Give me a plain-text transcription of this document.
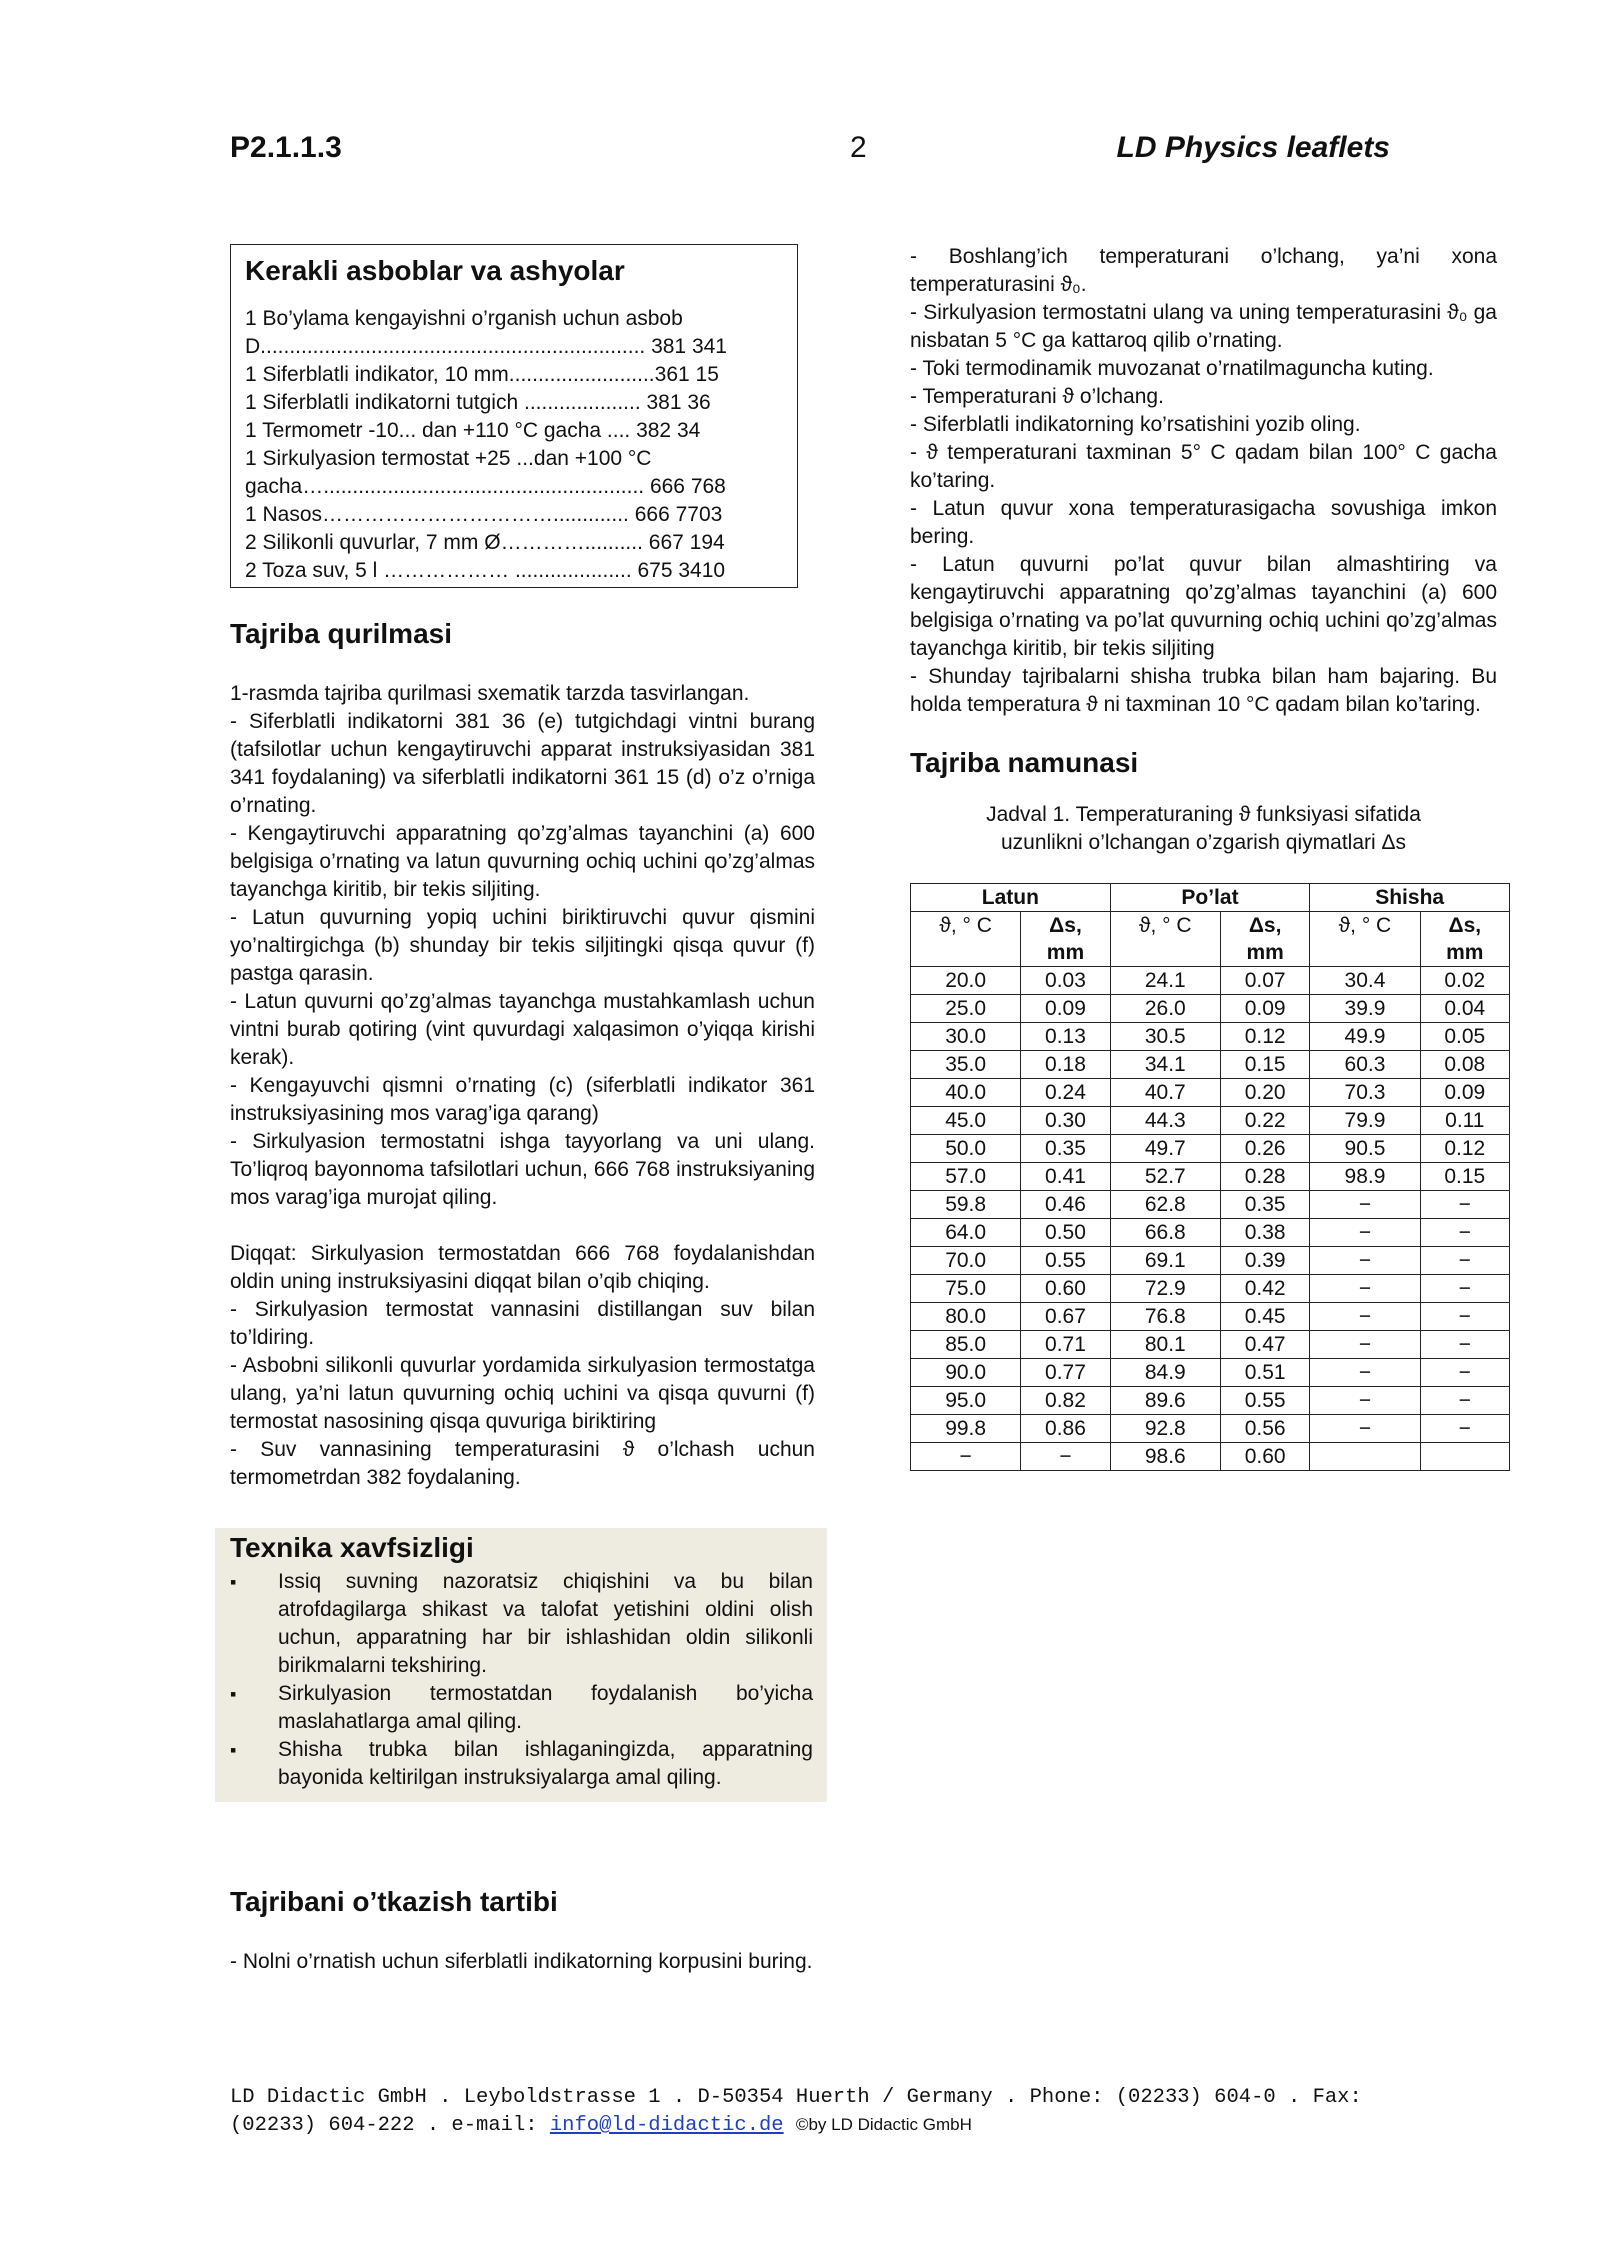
P2.1.1.3	2	LD Physics leaflets
Kerakli asboblar va ashyolar
1 Bo’ylama kengayishni o’rganish uchun asbob
D.................................................................. 381 341
1 Siferblatli indikator, 10 mm.........................361 15
1 Siferblatli indikatorni tutgich .................... 381 36
1 Termometr -10... dan +110 °C gacha .... 382 34
1 Sirkulyasion termostat +25 ...dan +100 °C
gacha…....................................................... 666 768
1 Nasos……………………………............. 666 7703
2 Silikonli quvurlar, 7 mm Ø………….......... 667 194
2 Toza suv, 5 l ……………… .................... 675 3410
Tajriba qurilmasi

1-rasmda tajriba qurilmasi sxematik tarzda tasvirlangan.

- Siferblatli indikatorni 381 36 (e) tutgichdagi vintni burang (tafsilotlar uchun kengaytiruvchi apparat instruksiyasidan 381 341 foydalaning) va siferblatli indikatorni 361 15 (d) o’z o’rniga o’rnating.

- Kengaytiruvchi apparatning qo’zg’almas tayanchini (a) 600 belgisiga o’rnating va latun quvurning ochiq uchini qo’zg’almas tayanchga kiritib, bir tekis siljiting.

- Latun quvurning yopiq uchini biriktiruvchi quvur qismini yo’naltirgichga (b) shunday bir tekis siljitingki qisqa quvur (f) pastga qarasin.

- Latun quvurni qo’zg’almas tayanchga mustahkamlash uchun vintni burab qotiring (vint quvurdagi xalqasimon o’yiqqa kirishi kerak).

- Kengayuvchi qismni o’rnating (c) (siferblatli indikator 361 instruksiyasining mos varag’iga qarang)

- Sirkulyasion termostatni ishga tayyorlang va uni ulang. To’liqroq bayonnoma tafsilotlari uchun, 666 768 instruksiyaning mos varag’iga murojat qiling.

Diqqat: Sirkulyasion termostatdan 666 768 foydalanishdan oldin uning instruksiyasini diqqat bilan o’qib chiqing.

- Sirkulyasion termostat vannasini distillangan suv bilan to’ldiring.

- Asbobni silikonli quvurlar yordamida sirkulyasion termostatga ulang, ya’ni latun quvurning ochiq uchini va qisqa quvurni (f) termostat nasosining qisqa quvuriga biriktiring

- Suv vannasining temperaturasini ϑ o’lchash uchun termometrdan 382 foydalaning.

Texnika xavfsizligi
▪	Issiq suvning nazoratsiz chiqishini va bu bilan atrofdagilarga shikast va talofat yetishini oldini olish uchun, apparatning har bir ishlashidan oldin silikonli birikmalarni tekshiring.
▪	Sirkulyasion termostatdan foydalanish bo’yicha maslahatlarga amal qiling.
▪	Shisha trubka bilan ishlaganingizda, apparatning bayonida keltirilgan instruksiyalarga amal qiling.
Tajribani o’tkazish tartibi

- Nolni o’rnatish uchun siferblatli indikatorning korpusini buring.

- Boshlang’ich temperaturani o’lchang, ya’ni xona temperaturasini ϑ₀.

- Sirkulyasion termostatni ulang va uning temperaturasini ϑ₀ ga nisbatan 5 °C ga kattaroq qilib o’rnating.

- Toki termodinamik muvozanat o’rnatilmaguncha kuting.

- Temperaturani ϑ o’lchang.

- Siferblatli indikatorning ko’rsatishini yozib oling.

- ϑ temperaturani taxminan 5° C qadam bilan 100° C gacha ko’taring.

- Latun quvur xona temperaturasigacha sovushiga imkon bering.

- Latun quvurni po’lat quvur bilan almashtiring va kengaytiruvchi apparatning qo’zg’almas tayanchini (a) 600 belgisiga o’rnating va po’lat quvurning ochiq uchini qo’zg’almas tayanchga kiritib, bir tekis siljiting

- Shunday tajribalarni shisha trubka bilan ham bajaring. Bu holda temperatura ϑ ni taxminan 10 °C qadam bilan ko’taring.

Tajriba namunasi
Jadval 1. Temperaturaning ϑ funksiyasi sifatida
uzunlikni o’lchangan o’zgarish qiymatlari Δs
Latun		Po’lat		Shisha	
ϑ, ° C	Δs,
mm	ϑ, ° C	Δs,
mm	ϑ, ° C	Δs,
mm
20.0	0.03	24.1	0.07	30.4	0.02
25.0	0.09	26.0	0.09	39.9	0.04
30.0	0.13	30.5	0.12	49.9	0.05
35.0	0.18	34.1	0.15	60.3	0.08
40.0	0.24	40.7	0.20	70.3	0.09
45.0	0.30	44.3	0.22	79.9	0.11
50.0	0.35	49.7	0.26	90.5	0.12
57.0	0.41	52.7	0.28	98.9	0.15
59.8	0.46	62.8	0.35	−	−
64.0	0.50	66.8	0.38	−	−
70.0	0.55	69.1	0.39	−	−
75.0	0.60	72.9	0.42	−	−
80.0	0.67	76.8	0.45	−	−
85.0	0.71	80.1	0.47	−	−
90.0	0.77	84.9	0.51	−	−
95.0	0.82	89.6	0.55	−	−
99.8	0.86	92.8	0.56	−	−
−	−	98.6	0.60		
LD Didactic GmbH . Leyboldstrasse 1 . D-50354 Huerth / Germany . Phone: (02233) 604-0 . Fax:
(02233) 604-222 . e-mail: info@ld-didactic.de ©by LD Didactic GmbH
